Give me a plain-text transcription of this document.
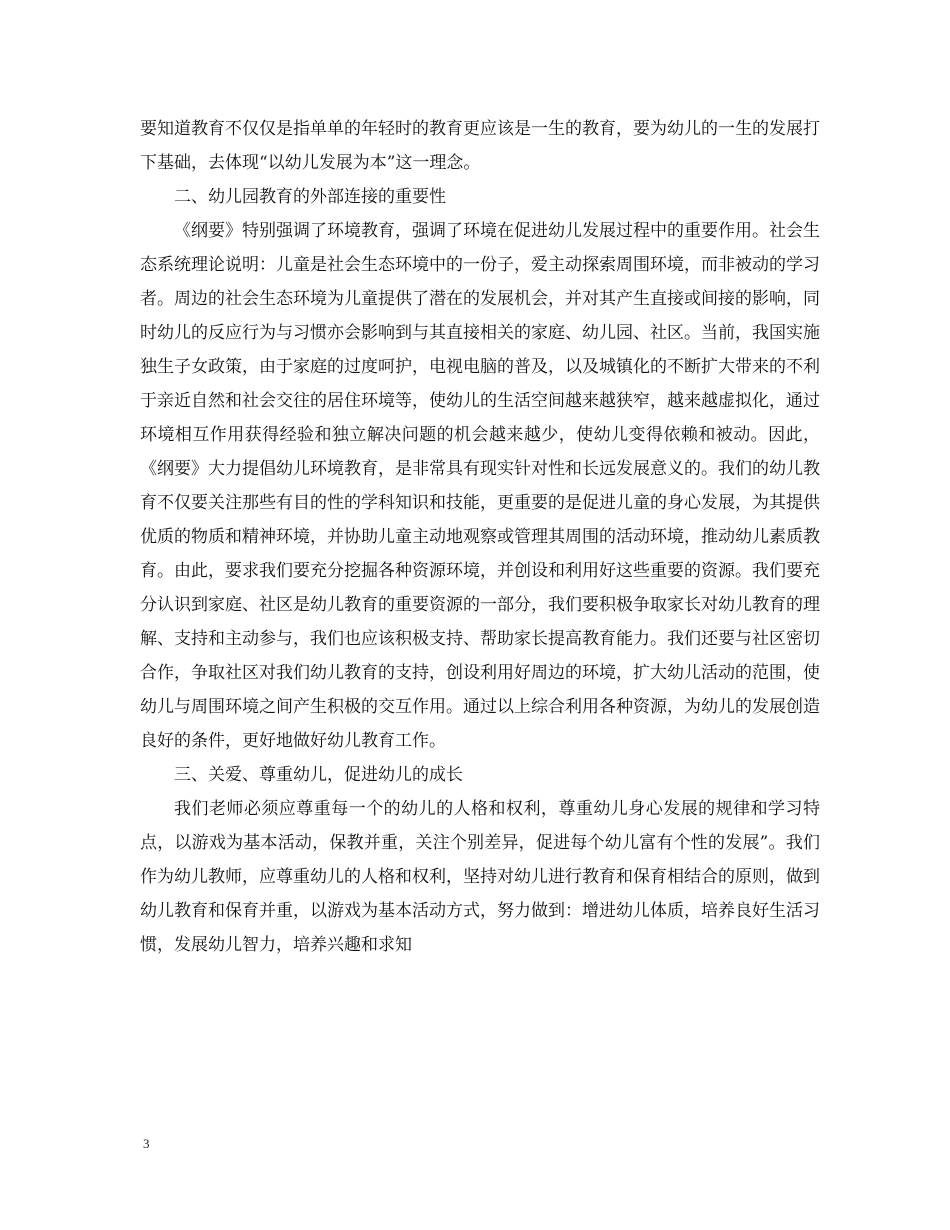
要知道教育不仅仅是指单单的年轻时的教育更应该是一生的教育，要为幼儿的一生的发展打下基础，去体现“以幼儿发展为本”这一理念。

二、幼儿园教育的外部连接的重要性

《纲要》特别强调了环境教育，强调了环境在促进幼儿发展过程中的重要作用。社会生态系统理论说明：儿童是社会生态环境中的一份子，爱主动探索周围环境，而非被动的学习者。周边的社会生态环境为儿童提供了潜在的发展机会，并对其产生直接或间接的影响，同时幼儿的反应行为与习惯亦会影响到与其直接相关的家庭、幼儿园、社区。当前，我国实施独生子女政策，由于家庭的过度呵护，电视电脑的普及，以及城镇化的不断扩大带来的不利于亲近自然和社会交往的居住环境等，使幼儿的生活空间越来越狭窄，越来越虚拟化，通过环境相互作用获得经验和独立解决问题的机会越来越少，使幼儿变得依赖和被动。因此，《纲要》大力提倡幼儿环境教育，是非常具有现实针对性和长远发展意义的。我们的幼儿教育不仅要关注那些有目的性的学科知识和技能，更重要的是促进儿童的身心发展，为其提供优质的物质和精神环境，并协助儿童主动地观察或管理其周围的活动环境，推动幼儿素质教育。由此，要求我们要充分挖掘各种资源环境，并创设和利用好这些重要的资源。我们要充分认识到家庭、社区是幼儿教育的重要资源的一部分，我们要积极争取家长对幼儿教育的理解、支持和主动参与，我们也应该积极支持、帮助家长提高教育能力。我们还要与社区密切合作，争取社区对我们幼儿教育的支持，创设利用好周边的环境，扩大幼儿活动的范围，使幼儿与周围环境之间产生积极的交互作用。通过以上综合利用各种资源，为幼儿的发展创造良好的条件，更好地做好幼儿教育工作。

三、关爱、尊重幼儿，促进幼儿的成长

我们老师必须应尊重每一个的幼儿的人格和权利，尊重幼儿身心发展的规律和学习特点，以游戏为基本活动，保教并重，关注个别差异，促进每个幼儿富有个性的发展”。我们作为幼儿教师，应尊重幼儿的人格和权利，坚持对幼儿进行教育和保育相结合的原则，做到幼儿教育和保育并重，以游戏为基本活动方式，努力做到：增进幼儿体质，培养良好生活习惯，发展幼儿智力，培养兴趣和求知

3
